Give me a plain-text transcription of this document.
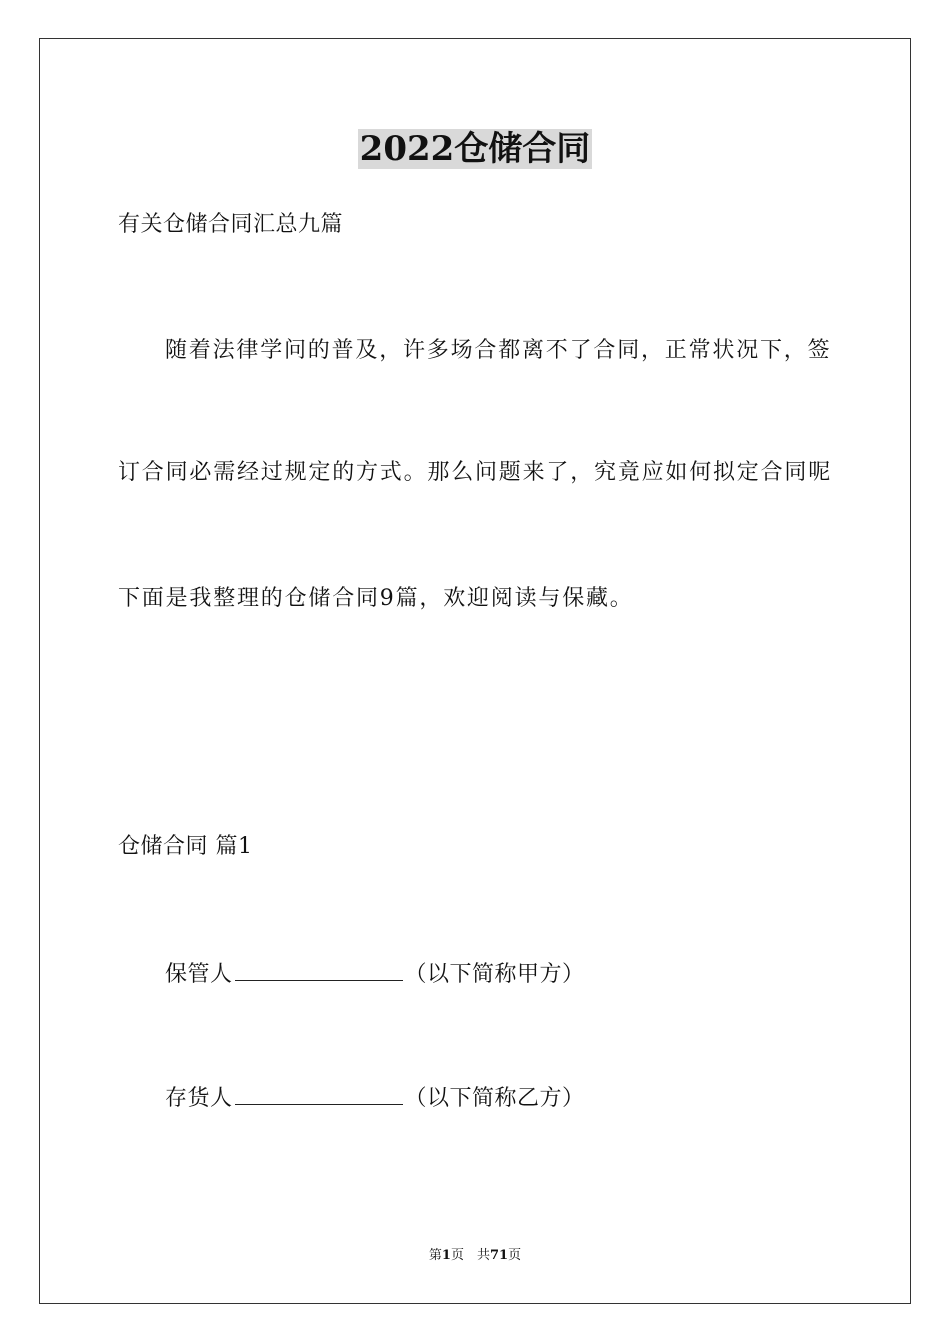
2022仓储合同
有关仓储合同汇总九篇
随着法律学问的普及，许多场合都离不了合同，正常状况下，签
订合同必需经过规定的方式。那么问题来了，究竟应如何拟定合同呢
下面是我整理的仓储合同9篇，欢迎阅读与保藏。
仓储合同 篇1
保管人	（以下简称甲方）
存货人	（以下简称乙方）
第1页　共71页
